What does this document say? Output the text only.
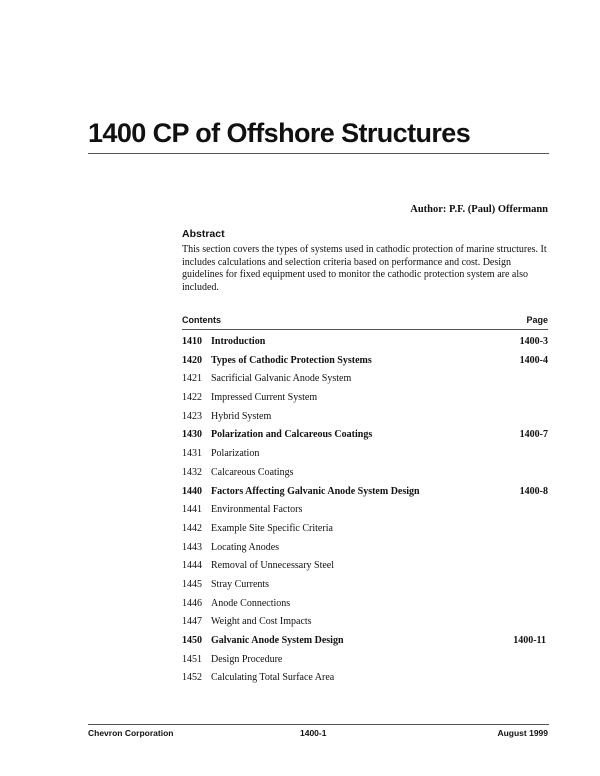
1400 CP of Offshore Structures
Author: P.F. (Paul) Offermann
Abstract
This section covers the types of systems used in cathodic protection of marine structures. It includes calculations and selection criteria based on performance and cost. Design guidelines for fixed equipment used to monitor the cathodic protection system are also included.
Contents	Page
1410 Introduction	1400-3
1420 Types of Cathodic Protection Systems	1400-4
1421 Sacrificial Galvanic Anode System
1422 Impressed Current System
1423 Hybrid System
1430 Polarization and Calcareous Coatings	1400-7
1431 Polarization
1432 Calcareous Coatings
1440 Factors Affecting Galvanic Anode System Design	1400-8
1441 Environmental Factors
1442 Example Site Specific Criteria
1443 Locating Anodes
1444 Removal of Unnecessary Steel
1445 Stray Currents
1446 Anode Connections
1447 Weight and Cost Impacts
1450 Galvanic Anode System Design	1400-11
1451 Design Procedure
1452 Calculating Total Surface Area
Chevron Corporation	1400-1	August 1999
